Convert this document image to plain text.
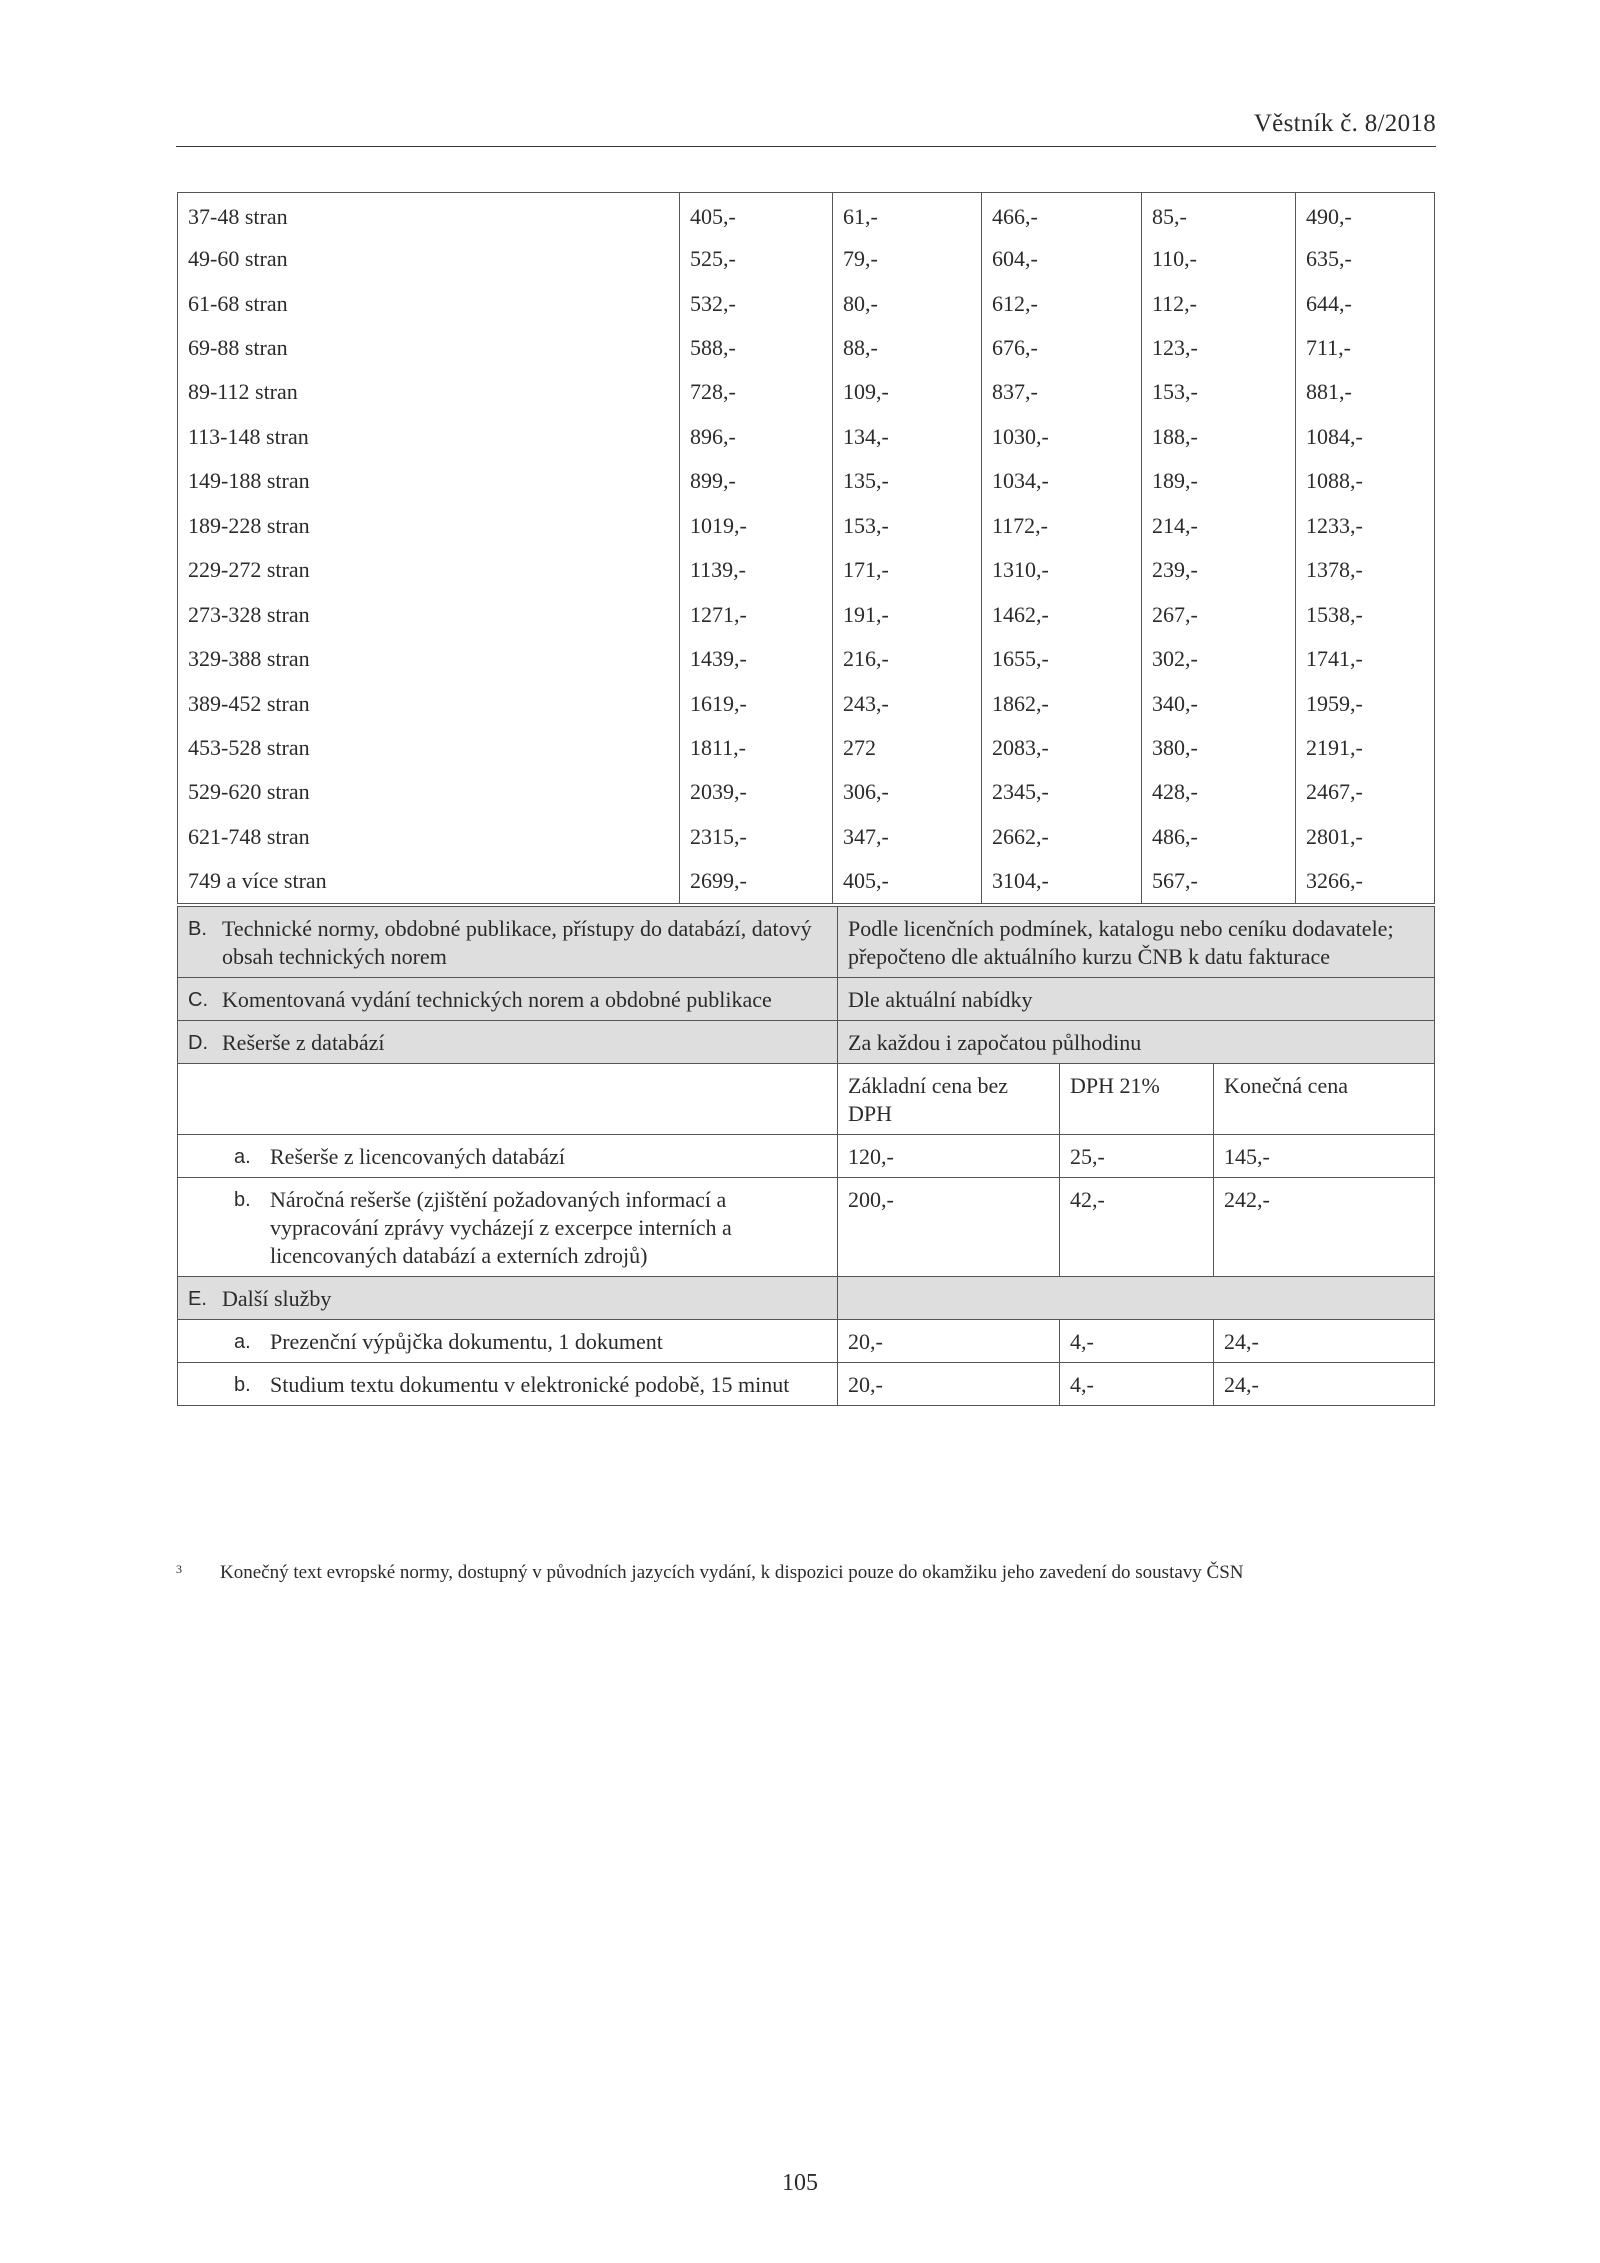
Věstník č. 8/2018
37-48 stran	405,-	61,-	466,-	85,-	490,-
49-60 stran	525,-	79,-	604,-	110,-	635,-
61-68 stran	532,-	80,-	612,-	112,-	644,-
69-88 stran	588,-	88,-	676,-	123,-	711,-
89-112 stran	728,-	109,-	837,-	153,-	881,-
113-148 stran	896,-	134,-	1030,-	188,-	1084,-
149-188 stran	899,-	135,-	1034,-	189,-	1088,-
189-228 stran	1019,-	153,-	1172,-	214,-	1233,-
229-272 stran	1139,-	171,-	1310,-	239,-	1378,-
273-328 stran	1271,-	191,-	1462,-	267,-	1538,-
329-388 stran	1439,-	216,-	1655,-	302,-	1741,-
389-452 stran	1619,-	243,-	1862,-	340,-	1959,-
453-528 stran	1811,-	272	2083,-	380,-	2191,-
529-620 stran	2039,-	306,-	2345,-	428,-	2467,-
621-748 stran	2315,-	347,-	2662,-	486,-	2801,-
749 a více stran	2699,-	405,-	3104,-	567,-	3266,-
B. Technické normy, obdobné publikace, přístupy do databází, datový obsah technických norem	Podle licenčních podmínek, katalogu nebo ceníku dodavatele; přepočteno dle aktuálního kurzu ČNB k datu fakturace		

C. Komentovaná vydání technických norem a obdobné publikace	Dle aktuální nabídky		

D. Rešerše z databází	Za každou i započatou půlhodinu		
	Základní cena bez DPH	DPH 21%	Konečná cena

a. Rešerše z licencovaných databází	120,-	25,-	145,-

b. Náročná rešerše (zjištění požadovaných informací a vypracování zprávy vycházejí z excerpce interních a licencovaných databází a externích zdrojů)	200,-	42,-	242,-

E. Další služby			

a. Prezenční výpůjčka dokumentu, 1 dokument	20,-	4,-	24,-

b. Studium textu dokumentu v elektronické podobě, 15 minut	20,-	4,-	24,-
3 Konečný text evropské normy, dostupný v původních jazycích vydání, k dispozici pouze do okamžiku jeho zavedení do soustavy ČSN
105
